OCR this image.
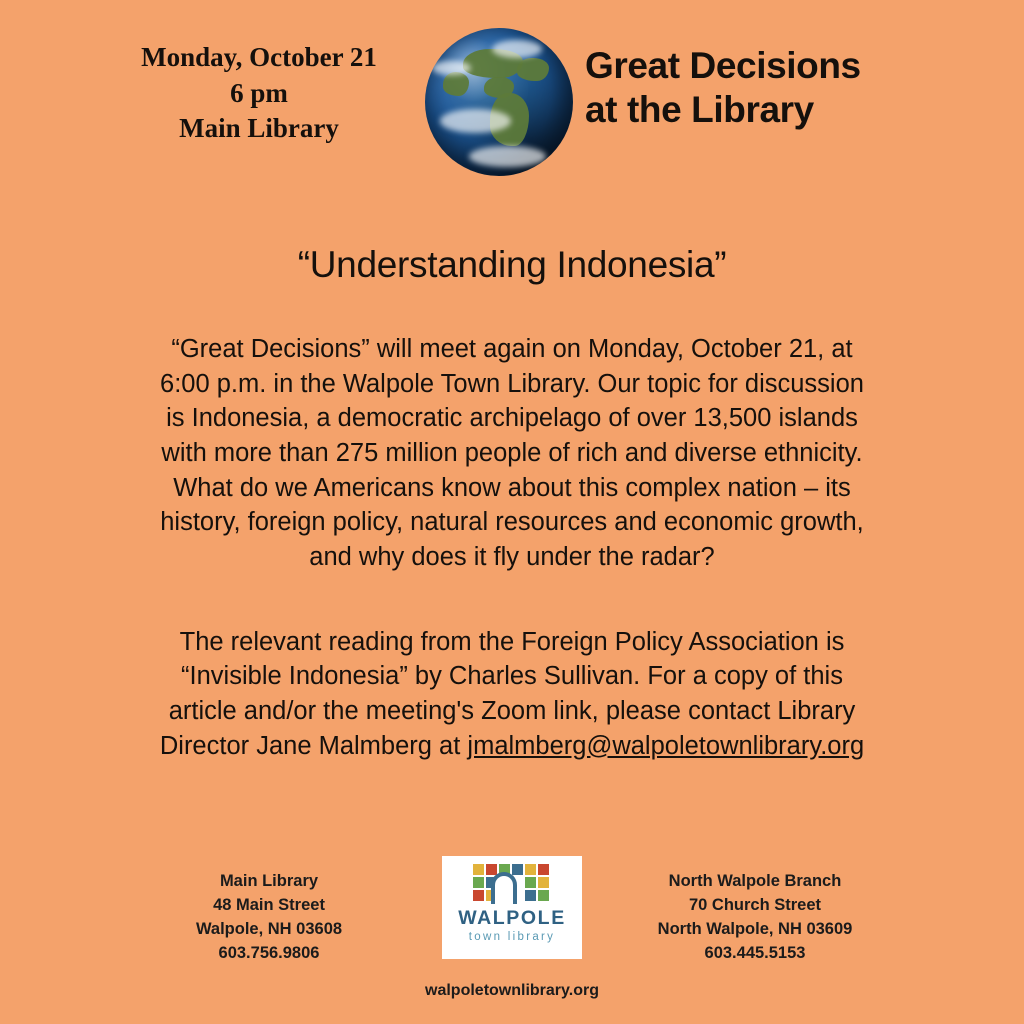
Monday, October 21
6 pm
Main Library
Great Decisions
at the Library
“Understanding Indonesia”
“Great Decisions” will meet again on Monday, October 21, at 6:00 p.m. in the Walpole Town Library. Our topic for discussion is Indonesia, a democratic archipelago of over 13,500 islands with more than 275 million people of rich and diverse ethnicity. What do we Americans know about this complex nation – its history, foreign policy, natural resources and economic growth, and why does it fly under the radar?
The relevant reading from the Foreign Policy Association is “Invisible Indonesia” by Charles Sullivan. For a copy of this article and/or the meeting's Zoom link, please contact Library Director Jane Malmberg at jmalmberg@walpoletownlibrary.org
Main Library
48 Main Street
Walpole, NH 03608
603.756.9806
WALPOLE
town library
North Walpole Branch
70 Church Street
North Walpole, NH 03609
603.445.5153
walpoletownlibrary.org
